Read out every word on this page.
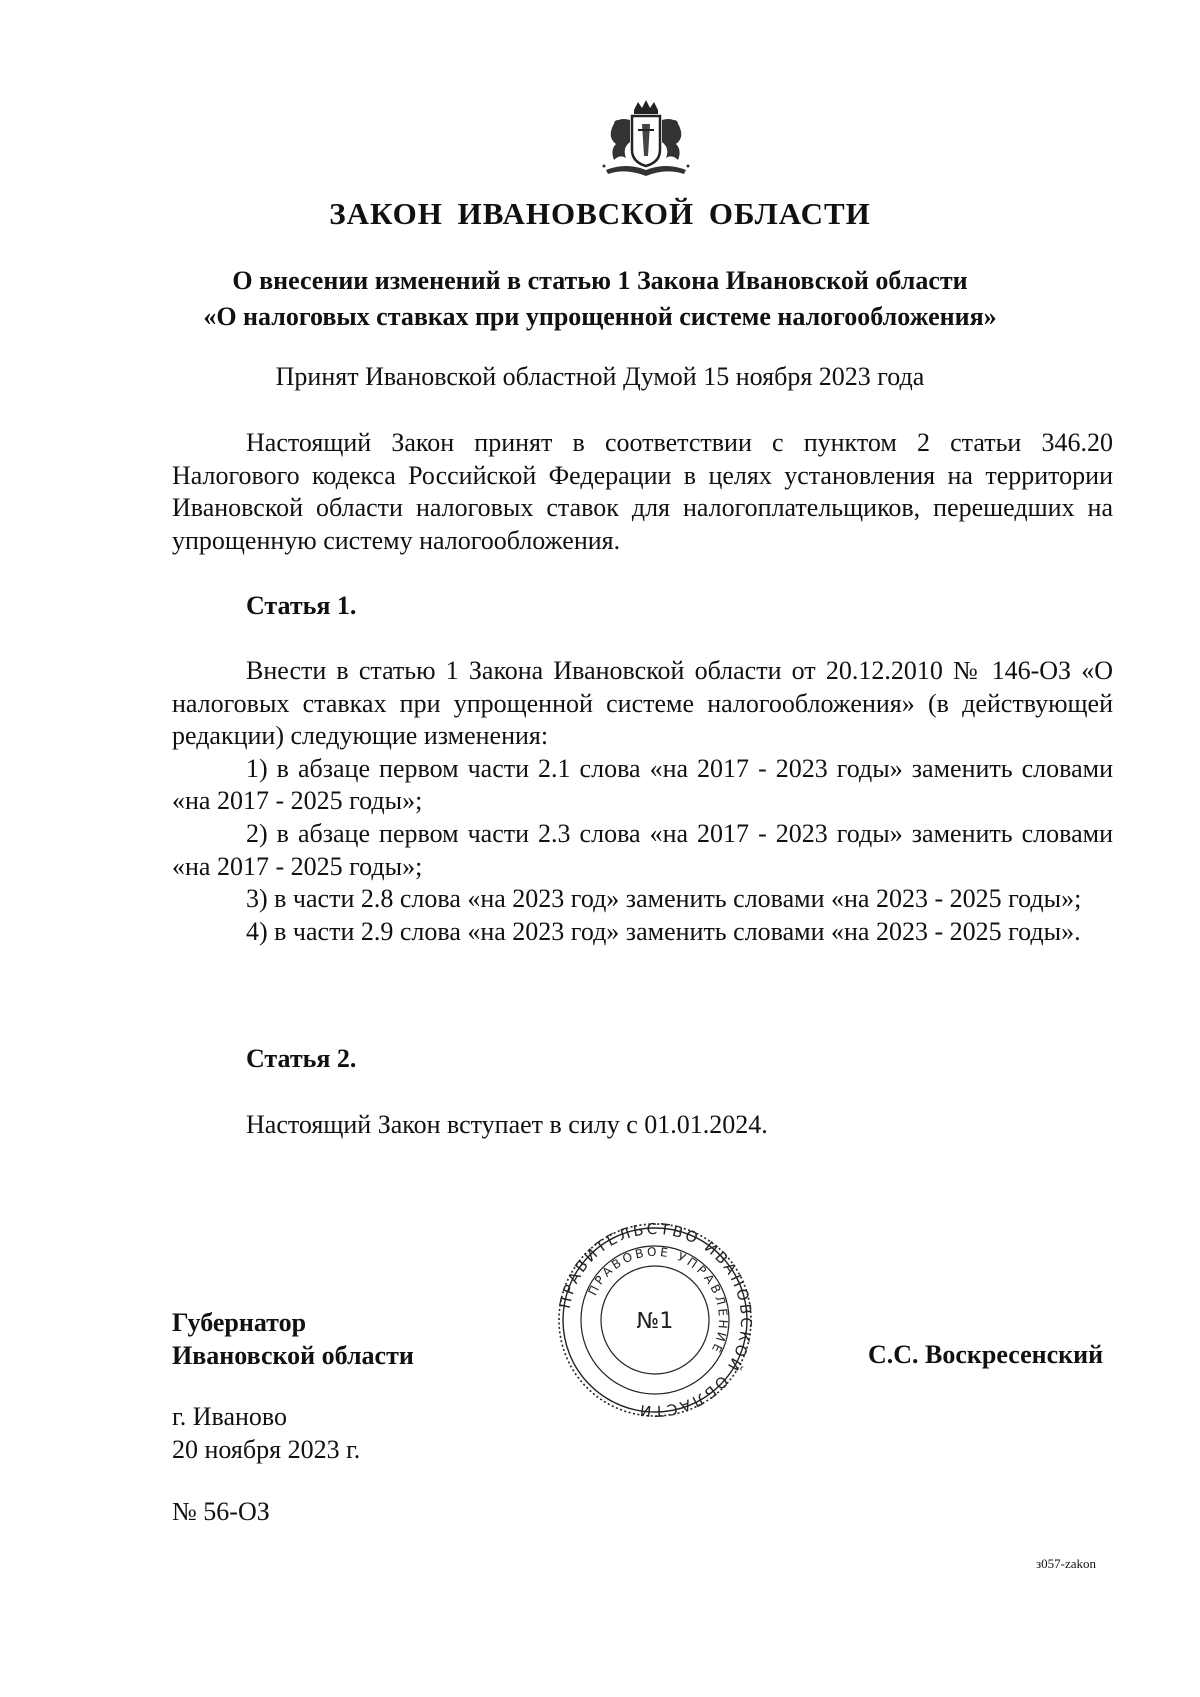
ЗАКОН ИВАНОВСКОЙ ОБЛАСТИ
О внесении изменений в статью 1 Закона Ивановской области
«О налоговых ставках при упрощенной системе налогообложения»
Принят Ивановской областной Думой 15 ноября 2023 года

Настоящий Закон принят в соответствии с пунктом 2 статьи 346.20 Налогового кодекса Российской Федерации в целях установления на территории Ивановской области налоговых ставок для налогоплательщиков, перешедших на упрощенную систему налогообложения.

Статья 1.

Внести в статью 1 Закона Ивановской области от 20.12.2010 № 146-ОЗ «О налоговых ставках при упрощенной системе налогообложения» (в действующей редакции) следующие изменения:

1) в абзаце первом части 2.1 слова «на 2017 - 2023 годы» заменить словами «на 2017 - 2025 годы»;

2) в абзаце первом части 2.3 слова «на 2017 - 2023 годы» заменить словами «на 2017 - 2025 годы»;

3) в части 2.8 слова «на 2023 год» заменить словами «на 2023 - 2025 годы»;

4) в части 2.9 слова «на 2023 год» заменить словами «на 2023 - 2025 годы».

Статья 2.
Настоящий Закон вступает в силу с 01.01.2024.
Губернатор
Ивановской области
ПРАВИТЕЛЬСТВО ИВАНОВСКОЙ ОБЛАСТИ
ПРАВОВОЕ УПРАВЛЕНИЕ
№1
С.С. Воскресенский
г. Иваново
20 ноября 2023 г.
№ 56-ОЗ
з057-zakon
